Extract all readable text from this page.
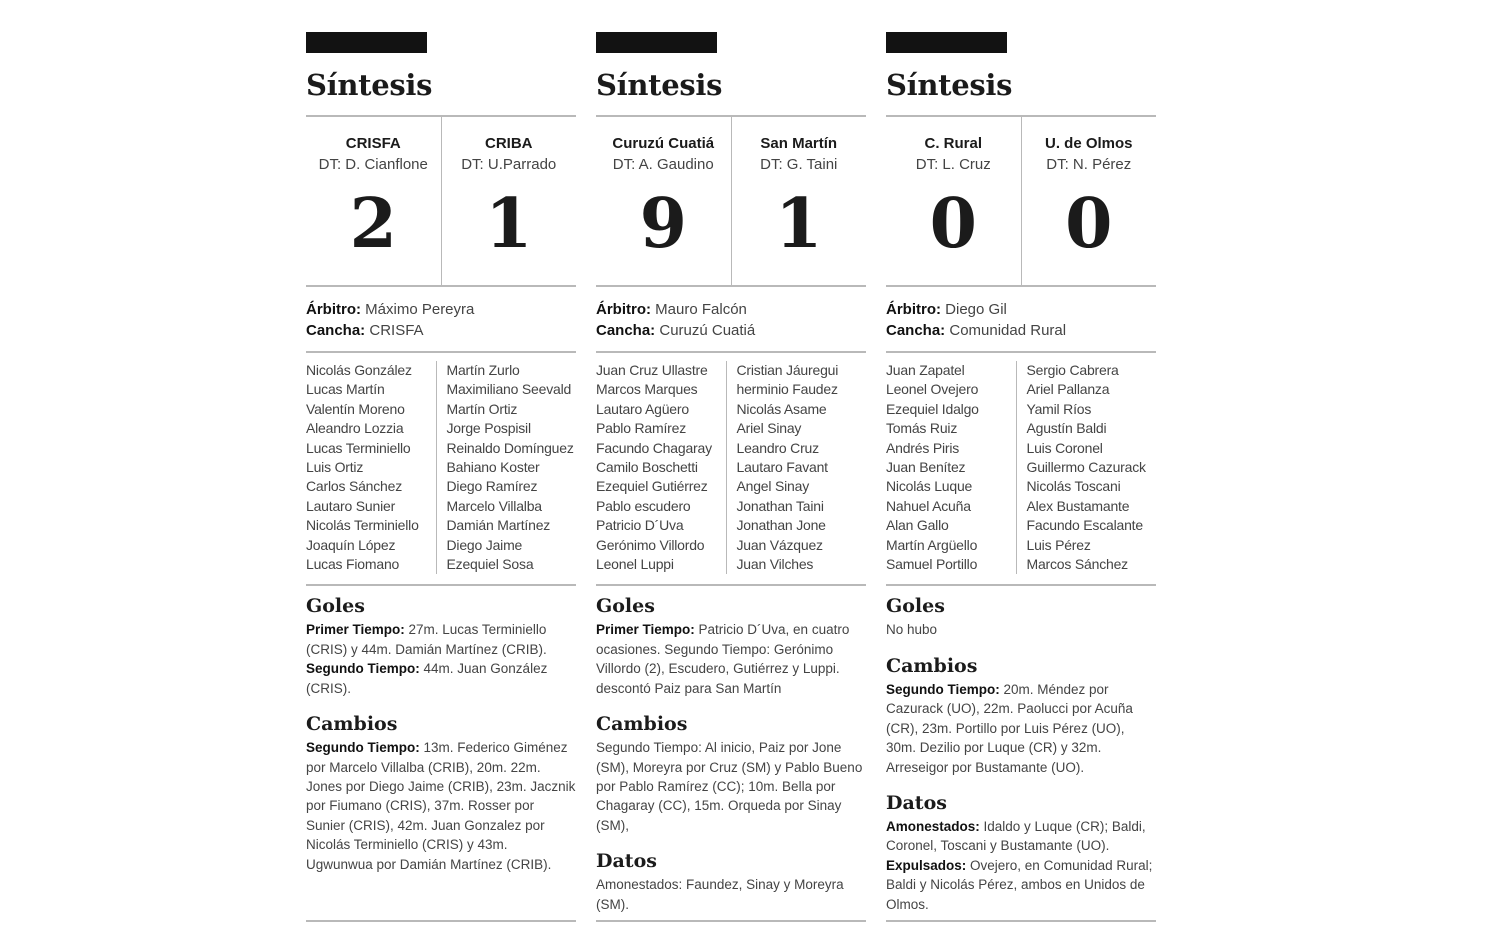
Síntesis
CRISFA
DT: D. Cianflone
2
CRIBA
DT: U.Parrado
1
Árbitro: Máximo Pereyra
Cancha: CRISFA
Nicolás González
Lucas Martín
Valentín Moreno
Aleandro Lozzia
Lucas Terminiello
Luis Ortiz
Carlos Sánchez
Lautaro Sunier
Nicolás Terminiello
Joaquín López
Lucas Fiomano
Martín Zurlo
Maximiliano Seevald
Martín Ortiz
Jorge Pospisil
Reinaldo Domínguez
Bahiano Koster
Diego Ramírez
Marcelo Villalba
Damián Martínez
Diego Jaime
Ezequiel Sosa
Goles
Primer Tiempo: 27m. Lucas Terminiello (CRIS) y 44m. Damián Martínez (CRIB).
Segundo Tiempo: 44m. Juan González (CRIS).
Cambios
Segundo Tiempo: 13m. Federico Giménez por Marcelo Villalba (CRIB), 20m. 22m. Jones por Diego Jaime (CRIB), 23m. Jacznik por Fiumano (CRIS), 37m. Rosser por Sunier (CRIS), 42m. Juan Gonzalez por Nicolás Terminiello (CRIS) y 43m. Ugwunwua por Damián Martínez (CRIB).
Síntesis
Curuzú Cuatiá
DT: A. Gaudino
9
San Martín
DT: G. Taini
1
Árbitro: Mauro Falcón
Cancha: Curuzú Cuatiá
Juan Cruz Ullastre
Marcos Marques
Lautaro Agüero
Pablo Ramírez
Facundo Chagaray
Camilo Boschetti
Ezequiel Gutiérrez
Pablo escudero
Patricio D´Uva
Gerónimo Villordo
Leonel Luppi
Cristian Jáuregui
herminio Faudez
Nicolás Asame
Ariel Sinay
Leandro Cruz
Lautaro Favant
Angel Sinay
Jonathan Taini
Jonathan Jone
Juan Vázquez
Juan Vilches
Goles
Primer Tiempo: Patricio D´Uva, en cuatro ocasiones. Segundo Tiempo: Gerónimo Villordo (2), Escudero, Gutiérrez y Luppi. descontó Paiz para San Martín
Cambios
Segundo Tiempo: Al inicio, Paiz por Jone (SM), Moreyra por Cruz (SM) y Pablo Bueno por Pablo Ramírez (CC); 10m. Bella por Chagaray (CC), 15m. Orqueda por Sinay (SM),
Datos
Amonestados: Faundez, Sinay y Moreyra (SM).
Síntesis
C. Rural
DT: L. Cruz
0
U. de Olmos
DT: N. Pérez
0
Árbitro: Diego Gil
Cancha: Comunidad Rural
Juan Zapatel
Leonel Ovejero
Ezequiel Idalgo
Tomás Ruiz
Andrés Piris
Juan Benítez
Nicolás Luque
Nahuel Acuña
Alan Gallo
Martín Argüello
Samuel Portillo
Sergio Cabrera
Ariel Pallanza
Yamil Ríos
Agustín Baldi
Luis Coronel
Guillermo Cazurack
Nicolás Toscani
Alex Bustamante
Facundo Escalante
Luis Pérez
Marcos Sánchez
Goles
No hubo
Cambios
Segundo Tiempo: 20m. Méndez por Cazurack (UO), 22m. Paolucci por Acuña (CR), 23m. Portillo por Luis Pérez (UO), 30m. Dezilio por Luque (CR) y 32m. Arreseigor por Bustamante (UO).
Datos
Amonestados: Idaldo y Luque (CR); Baldi, Coronel, Toscani y Bustamante (UO).
Expulsados: Ovejero, en Comunidad Rural; Baldi y Nicolás Pérez, ambos en Unidos de Olmos.
